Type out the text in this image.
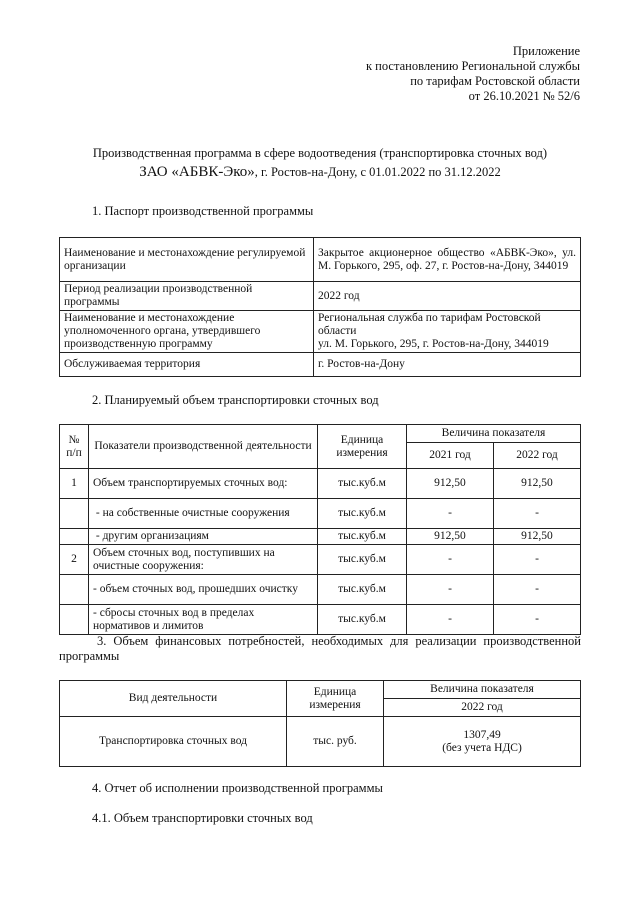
Приложение
к постановлению Региональной службы
по тарифам Ростовской области
от 26.10.2021 № 52/6
Производственная программа в сфере водоотведения (транспортировка сточных вод)
ЗАО «АБВК-Эко», г. Ростов-на-Дону, с 01.01.2022 по 31.12.2022
1. Паспорт производственной программы
Наименование и местонахождение регулируемой организации	Закрытое акционерное общество «АБВК-Эко», ул. М. Горького, 295, оф. 27, г. Ростов-на-Дону, 344019
Период реализации производственной программы	2022 год
Наименование и местонахождение уполномоченного органа, утвердившего производственную программу	Региональная служба по тарифам Ростовской области
ул. М. Горького, 295, г. Ростов-на-Дону, 344019

Обслуживаемая территория	г. Ростов-на-Дону
2. Планируемый объем транспортировки сточных вод
№ п/п	Показатели производственной деятельности	Единица измерения	Величина показателя	
			2021 год	2022 год
1	Объем транспортируемых сточных вод:	тыс.куб.м	912,50	912,50
	- на собственные очистные сооружения	тыс.куб.м	-	-
	- другим организациям	тыс.куб.м	912,50	912,50
2	Объем сточных вод, поступивших на очистные сооружения:	тыс.куб.м	-	-
	- объем сточных вод, прошедших очистку	тыс.куб.м	-	-
	- сбросы сточных вод в пределах нормативов и лимитов	тыс.куб.м	-	-
3. Объем финансовых потребностей, необходимых для реализации производственной программы
Вид деятельности	Единица измерения	Величина показателя
		2022 год
Транспортировка сточных вод	тыс. руб.	1307,49
(без учета НДС)
4. Отчет об исполнении производственной программы
4.1. Объем транспортировки сточных вод
